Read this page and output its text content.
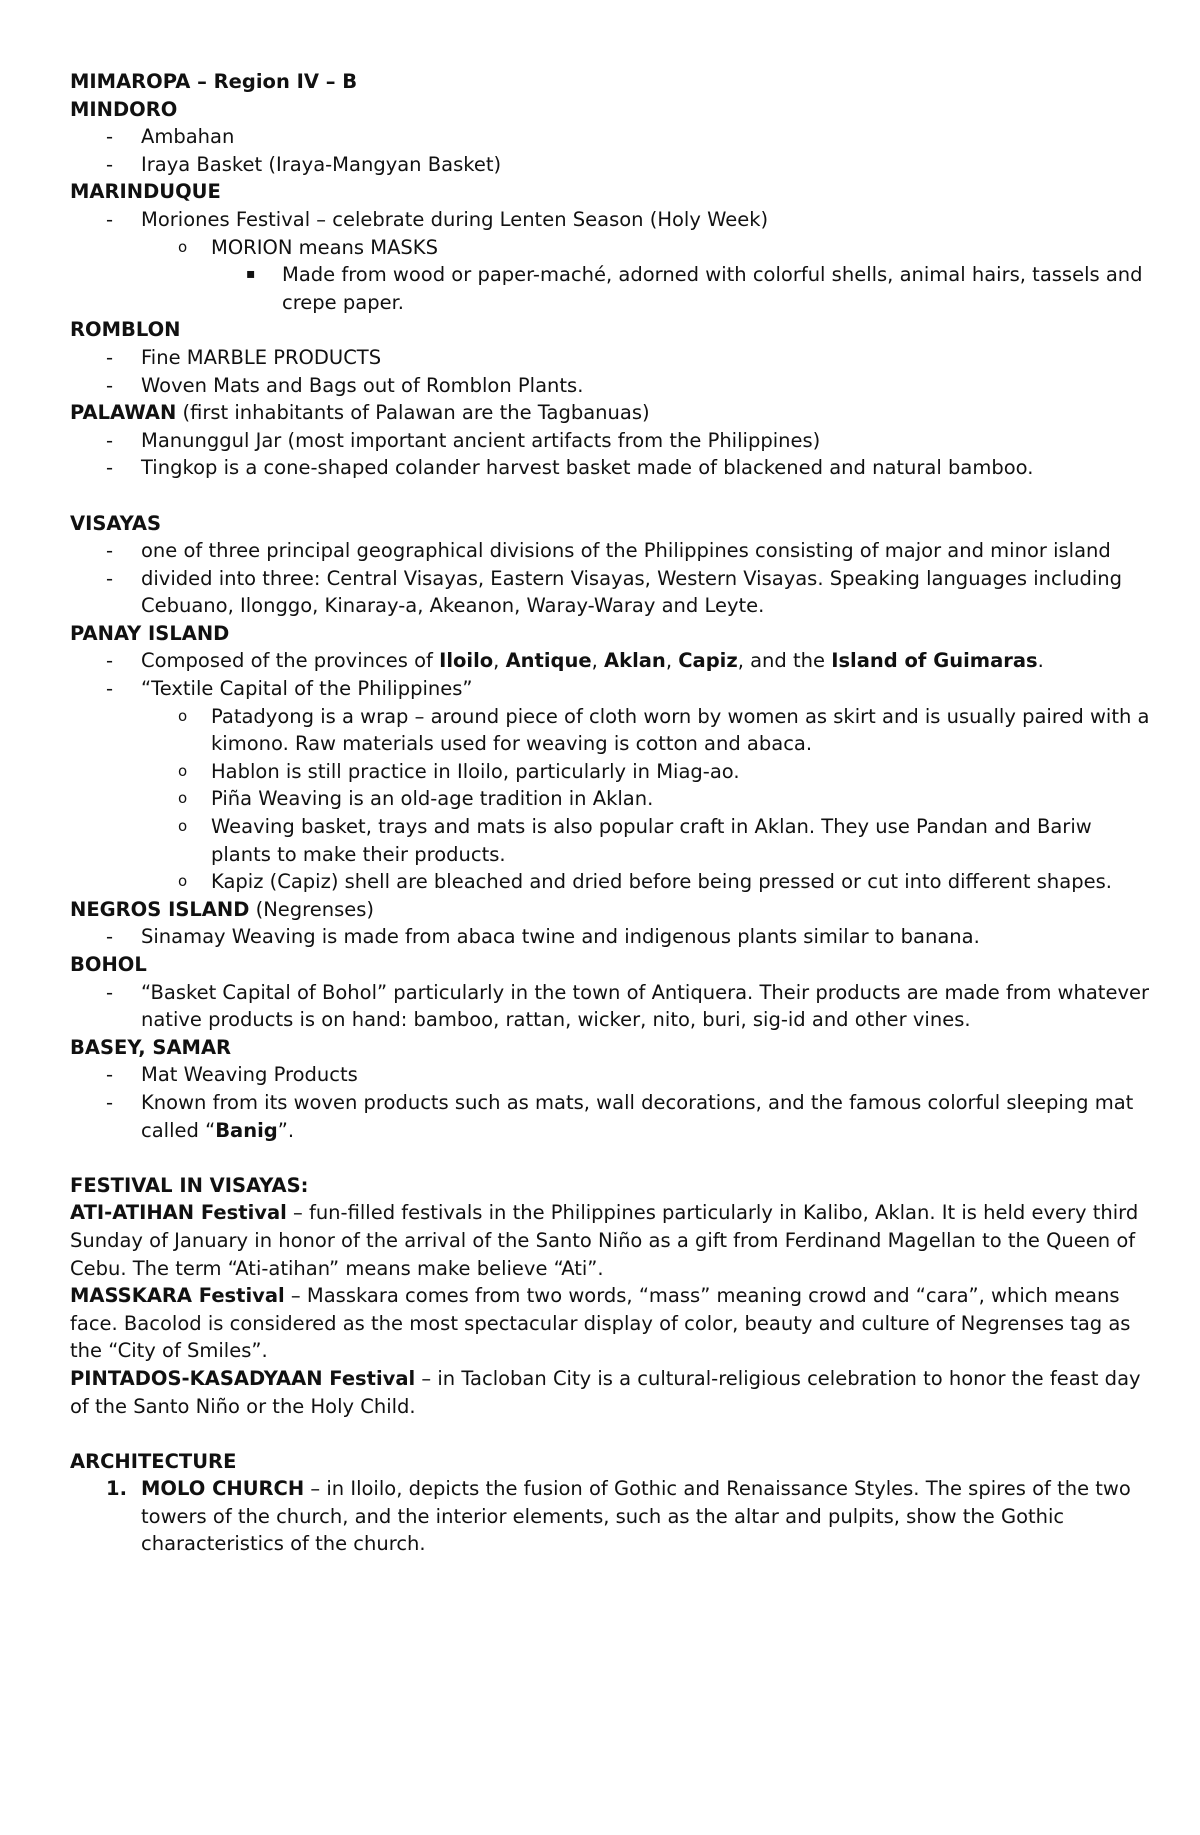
MIMAROPA – Region IV – B
MINDORO
- Ambahan
- Iraya Basket (Iraya-Mangyan Basket)
MARINDUQUE
- Moriones Festival – celebrate during Lenten Season (Holy Week)
o MORION means MASKS
▪ Made from wood or paper-maché, adorned with colorful shells, animal hairs, tassels and crepe paper.
ROMBLON
- Fine MARBLE PRODUCTS
- Woven Mats and Bags out of Romblon Plants.
PALAWAN (first inhabitants of Palawan are the Tagbanuas)
- Manunggul Jar (most important ancient artifacts from the Philippines)
- Tingkop is a cone-shaped colander harvest basket made of blackened and natural bamboo.
VISAYAS
- one of three principal geographical divisions of the Philippines consisting of major and minor island
- divided into three: Central Visayas, Eastern Visayas, Western Visayas. Speaking languages including Cebuano, Ilonggo, Kinaray-a, Akeanon, Waray-Waray and Leyte.
PANAY ISLAND
- Composed of the provinces of Iloilo, Antique, Aklan, Capiz, and the Island of Guimaras.
- “Textile Capital of the Philippines”
o Patadyong is a wrap – around piece of cloth worn by women as skirt and is usually paired with a kimono. Raw materials used for weaving is cotton and abaca.
o Hablon is still practice in Iloilo, particularly in Miag-ao.
o Piña Weaving is an old-age tradition in Aklan.
o Weaving basket, trays and mats is also popular craft in Aklan. They use Pandan and Bariw plants to make their products.
o Kapiz (Capiz) shell are bleached and dried before being pressed or cut into different shapes.
NEGROS ISLAND (Negrenses)
- Sinamay Weaving is made from abaca twine and indigenous plants similar to banana.
BOHOL
- “Basket Capital of Bohol” particularly in the town of Antiquera. Their products are made from whatever native products is on hand: bamboo, rattan, wicker, nito, buri, sig-id and other vines.
BASEY, SAMAR
- Mat Weaving Products
- Known from its woven products such as mats, wall decorations, and the famous colorful sleeping mat called “Banig”.
FESTIVAL IN VISAYAS:
ATI-ATIHAN Festival – fun-filled festivals in the Philippines particularly in Kalibo, Aklan. It is held every third Sunday of January in honor of the arrival of the Santo Niño as a gift from Ferdinand Magellan to the Queen of Cebu. The term “Ati-atihan” means make believe “Ati”.
MASSKARA Festival – Masskara comes from two words, “mass” meaning crowd and “cara”, which means face. Bacolod is considered as the most spectacular display of color, beauty and culture of Negrenses tag as the “City of Smiles”.
PINTADOS-KASADYAAN Festival – in Tacloban City is a cultural-religious celebration to honor the feast day of the Santo Niño or the Holy Child.
ARCHITECTURE
1. MOLO CHURCH – in Iloilo, depicts the fusion of Gothic and Renaissance Styles. The spires of the two towers of the church, and the interior elements, such as the altar and pulpits, show the Gothic characteristics of the church.
